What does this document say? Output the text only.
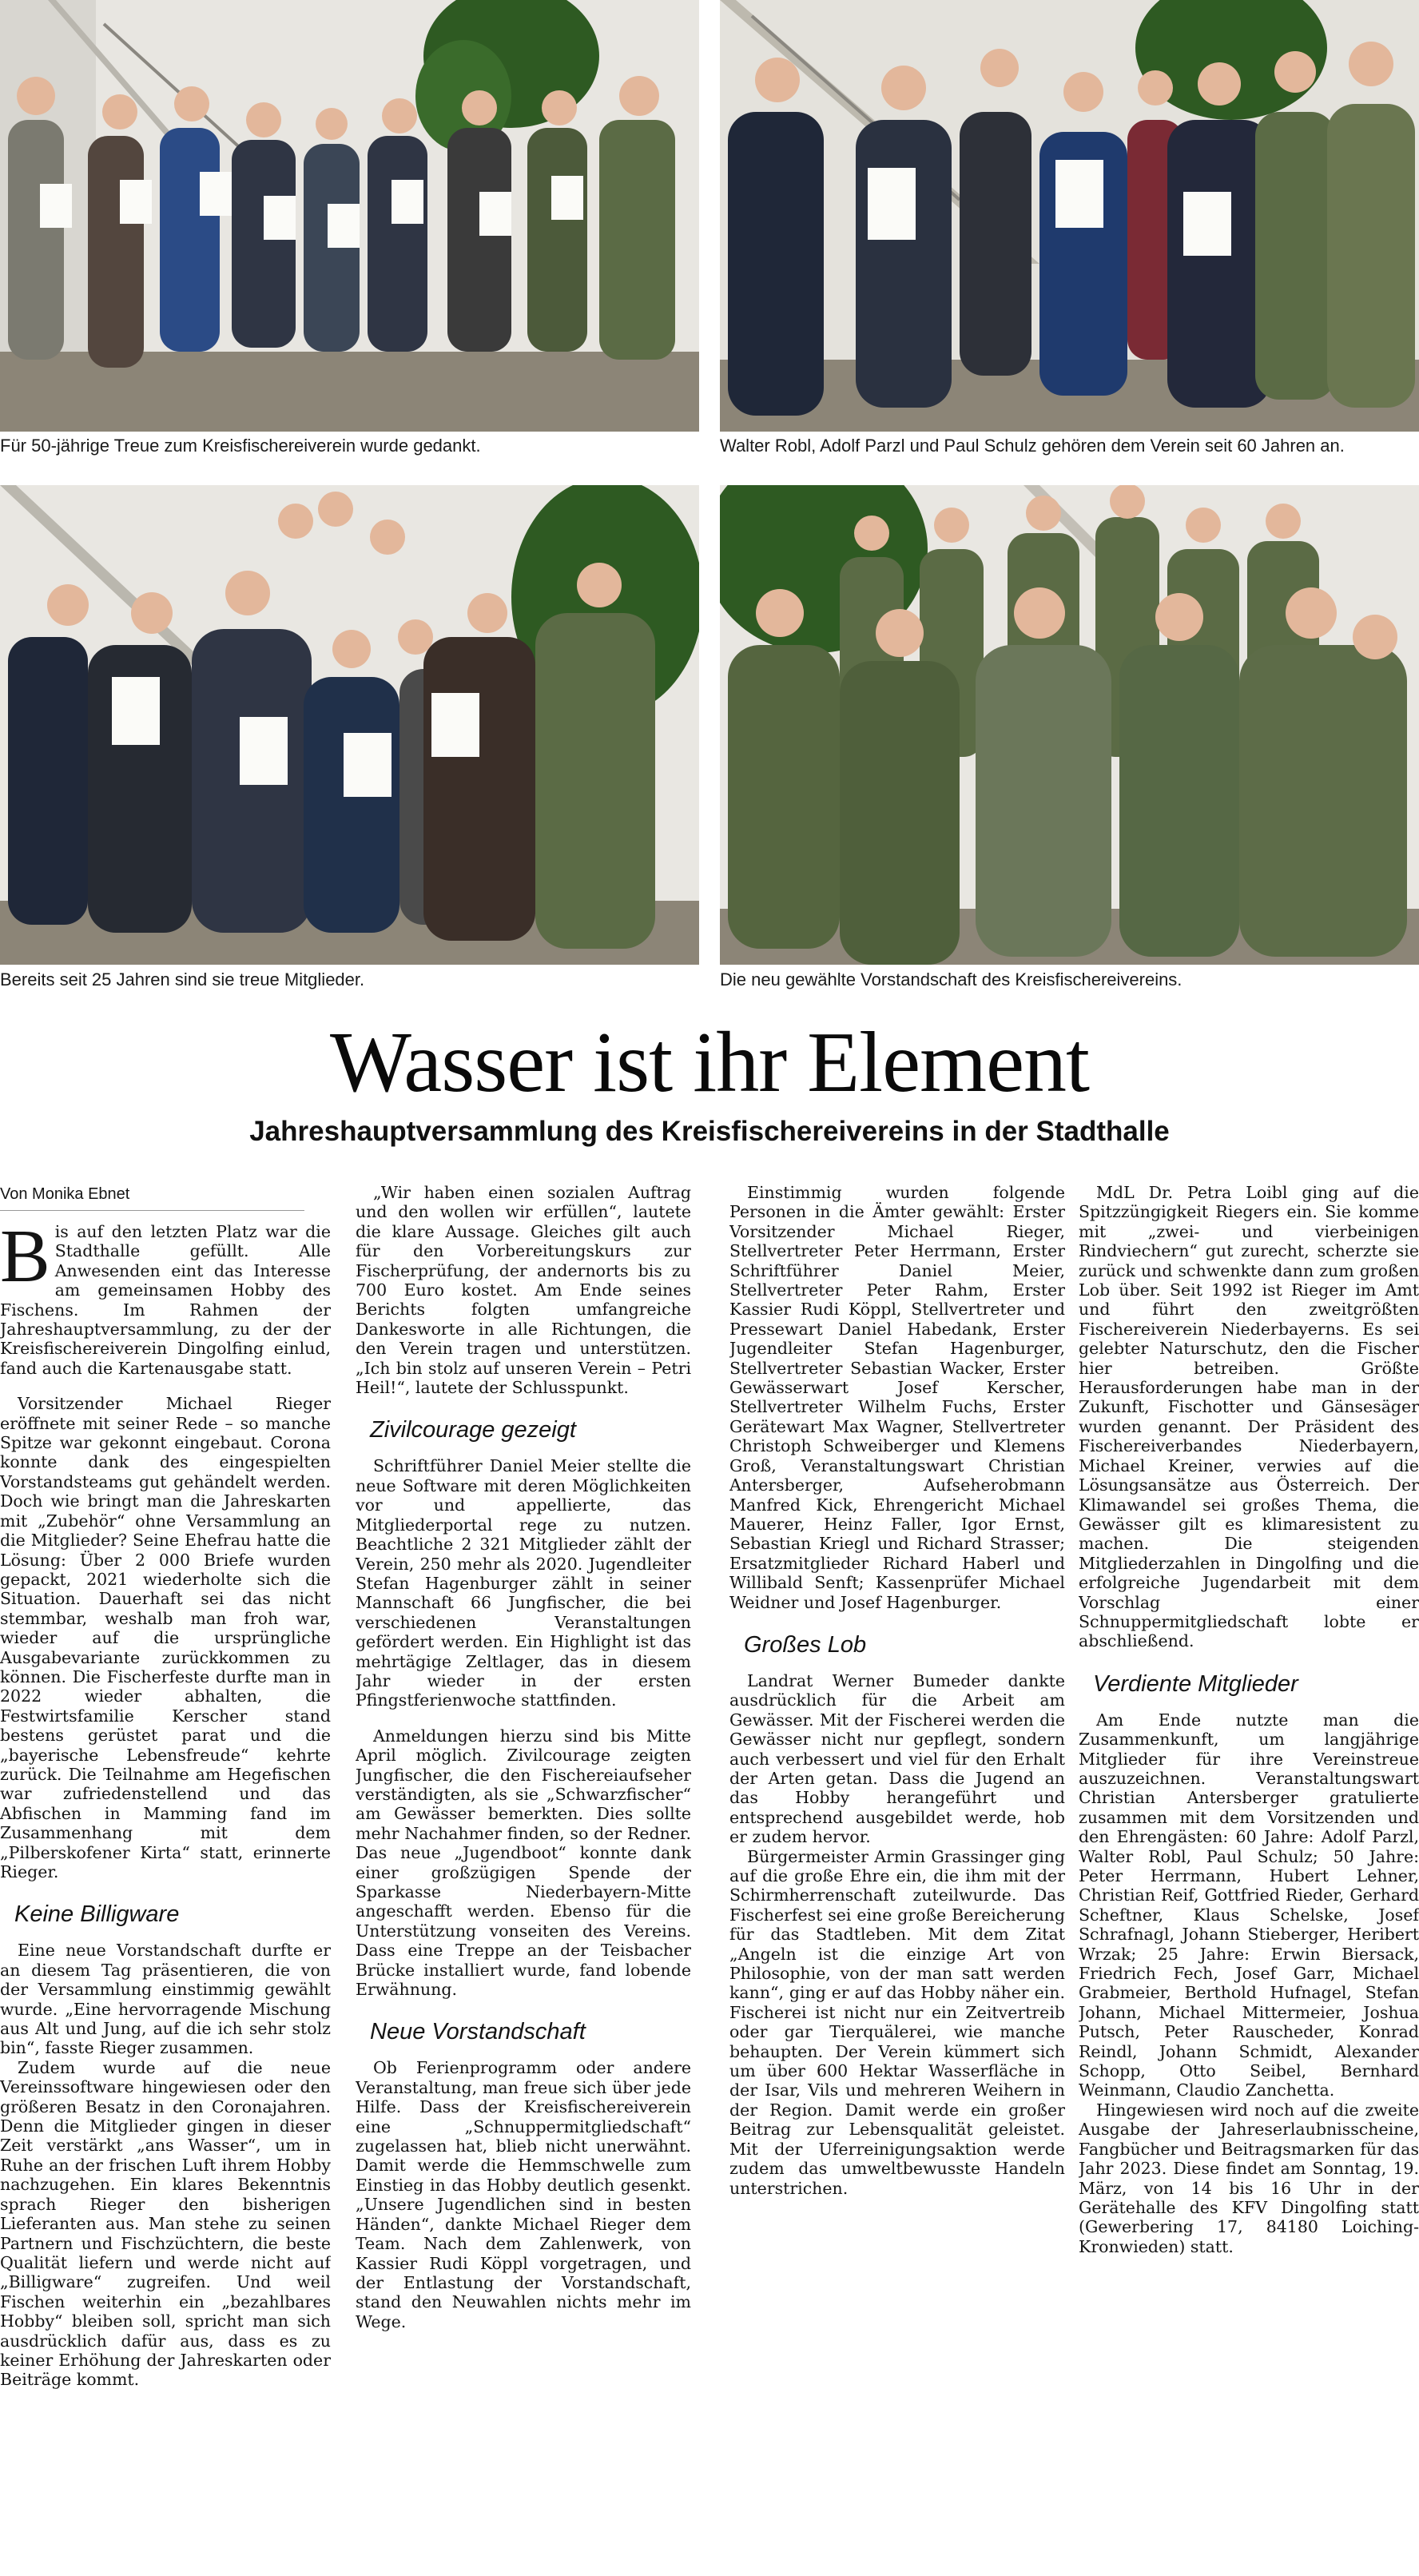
Für 50-jährige Treue zum Kreisfischereiverein wurde gedankt.	Walter Robl, Adolf Parzl und Paul Schulz gehören dem Verein seit 60 Jahren an.
Bereits seit 25 Jahren sind sie treue Mitglieder.	Die neu gewählte Vorstandschaft des Kreisfischereivereins.
Wasser ist ihr Element
Jahreshauptversammlung des Kreisfischereivereins in der Stadthalle
Von Monika Ebnet

Bis auf den letzten Platz war die Stadthalle gefüllt. Alle Anwesenden eint das Interesse am gemeinsamen Hobby des Fischens. Im Rahmen der Jahreshauptversammlung, zu der der Kreisfischereiverein Dingolfing einlud, fand auch die Kartenausgabe statt.

Vorsitzender Michael Rieger eröffnete mit seiner Rede – so manche Spitze war gekonnt eingebaut. Corona konnte dank des eingespielten Vorstandsteams gut gehändelt werden. Doch wie bringt man die Jahreskarten mit „Zubehör“ ohne Versammlung an die Mitglieder? Seine Ehefrau hatte die Lösung: Über 2 000 Briefe wurden gepackt, 2021 wiederholte sich die Situation. Dauerhaft sei das nicht stemmbar, weshalb man froh war, wieder auf die ursprüngliche Ausgabevariante zurückkommen zu können. Die Fischerfeste durfte man in 2022 wieder abhalten, die Festwirtsfamilie Kerscher stand bestens gerüstet parat und die „bayerische Lebensfreude“ kehrte zurück. Die Teilnahme am Hegefischen war zufriedenstellend und das Abfischen in Mamming fand im Zusammenhang mit dem „Pilberskofener Kirta“ statt, erinnerte Rieger.

Keine Billigware

Eine neue Vorstandschaft durfte er an diesem Tag präsentieren, die von der Versammlung einstimmig gewählt wurde. „Eine hervorragende Mischung aus Alt und Jung, auf die ich sehr stolz bin“, fasste Rieger zusammen.

Zudem wurde auf die neue Vereinssoftware hingewiesen oder den größeren Besatz in den Coronajahren. Denn die Mitglieder gingen in dieser Zeit verstärkt „ans Wasser“, um in Ruhe an der frischen Luft ihrem Hobby nachzugehen. Ein klares Bekenntnis sprach Rieger den bisherigen Lieferanten aus. Man stehe zu seinen Partnern und Fischzüchtern, die beste Qualität liefern und werde nicht auf „Billigware“ zugreifen. Und weil Fischen weiterhin ein „bezahlbares Hobby“ bleiben soll, spricht man sich ausdrücklich dafür aus, dass es zu keiner Erhöhung der Jahreskarten oder Beiträge kommt.

„Wir haben einen sozialen Auftrag und den wollen wir erfüllen“, lautete die klare Aussage. Gleiches gilt auch für den Vorbereitungskurs zur Fischerprüfung, der andernorts bis zu 700 Euro kostet. Am Ende seines Berichts folgten umfangreiche Dankesworte in alle Richtungen, die den Verein tragen und unterstützen. „Ich bin stolz auf unseren Verein – Petri Heil!“, lautete der Schlusspunkt.

Zivilcourage gezeigt

Schriftführer Daniel Meier stellte die neue Software mit deren Möglichkeiten vor und appellierte, das Mitgliederportal rege zu nutzen. Beachtliche 2 321 Mitglieder zählt der Verein, 250 mehr als 2020. Jugendleiter Stefan Hagenburger zählt in seiner Mannschaft 66 Jungfischer, die bei verschiedenen Veranstaltungen gefördert werden. Ein Highlight ist das mehrtägige Zeltlager, das in diesem Jahr wieder in der ersten Pfingstferienwoche stattfinden.

Anmeldungen hierzu sind bis Mitte April möglich. Zivilcourage zeigten Jungfischer, die den Fischereiaufseher verständigten, als sie „Schwarzfischer“ am Gewässer bemerkten. Dies sollte mehr Nachahmer finden, so der Redner. Das neue „Jugendboot“ konnte dank einer großzügigen Spende der Sparkasse Niederbayern-Mitte angeschafft werden. Ebenso für die Unterstützung vonseiten des Vereins. Dass eine Treppe an der Teisbacher Brücke installiert wurde, fand lobende Erwähnung.

Neue Vorstandschaft

Ob Ferienprogramm oder andere Veranstaltung, man freue sich über jede Hilfe. Dass der Kreisfischereiverein eine „Schnuppermitgliedschaft“ zugelassen hat, blieb nicht unerwähnt. Damit werde die Hemmschwelle zum Einstieg in das Hobby deutlich gesenkt. „Unsere Jugendlichen sind in besten Händen“, dankte Michael Rieger dem Team. Nach dem Zahlenwerk, von Kassier Rudi Köppl vorgetragen, und der Entlastung der Vorstandschaft, stand den Neuwahlen nichts mehr im Wege.

Einstimmig wurden folgende Personen in die Ämter gewählt: Erster Vorsitzender Michael Rieger, Stellvertreter Peter Herrmann, Erster Schriftführer Daniel Meier, Stellvertreter Peter Rahm, Erster Kassier Rudi Köppl, Stellvertreter und Pressewart Daniel Habedank, Erster Jugendleiter Stefan Hagenburger, Stellvertreter Sebastian Wacker, Erster Gewässerwart Josef Kerscher, Stellvertreter Wilhelm Fuchs, Erster Gerätewart Max Wagner, Stellvertreter Christoph Schweiberger und Klemens Groß, Veranstaltungswart Christian Antersberger, Aufseherobmann Manfred Kick, Ehrengericht Michael Mauerer, Heinz Faller, Igor Ernst, Sebastian Kriegl und Richard Strasser; Ersatzmitglieder Richard Haberl und Willibald Senft; Kassenprüfer Michael Weidner und Josef Hagenburger.

Großes Lob

Landrat Werner Bumeder dankte ausdrücklich für die Arbeit am Gewässer. Mit der Fischerei werden die Gewässer nicht nur gepflegt, sondern auch verbessert und viel für den Erhalt der Arten getan. Dass die Jugend an das Hobby herangeführt und entsprechend ausgebildet werde, hob er zudem hervor.

Bürgermeister Armin Grassinger ging auf die große Ehre ein, die ihm mit der Schirmherrenschaft zuteilwurde. Das Fischerfest sei eine große Bereicherung für das Stadtleben. Mit dem Zitat „Angeln ist die einzige Art von Philosophie, von der man satt werden kann“, ging er auf das Hobby näher ein. Fischerei ist nicht nur ein Zeitvertreib oder gar Tierquälerei, wie manche behaupten. Der Verein kümmert sich um über 600 Hektar Wasserfläche in der Isar, Vils und mehreren Weihern in der Region. Damit werde ein großer Beitrag zur Lebensqualität geleistet. Mit der Uferreinigungsaktion werde zudem das umweltbewusste Handeln unterstrichen.

MdL Dr. Petra Loibl ging auf die Spitzzüngigkeit Riegers ein. Sie komme mit „zwei- und vierbeinigen Rindviechern“ gut zurecht, scherzte sie zurück und schwenkte dann zum großen Lob über. Seit 1992 ist Rieger im Amt und führt den zweitgrößten Fischereiverein Niederbayerns. Es sei gelebter Naturschutz, den die Fischer hier betreiben. Größte Herausforderungen habe man in der Zukunft, Fischotter und Gänsesäger wurden genannt. Der Präsident des Fischereiverbandes Niederbayern, Michael Kreiner, verwies auf die Lösungsansätze aus Österreich. Der Klimawandel sei großes Thema, die Gewässer gilt es klimaresistent zu machen. Die steigenden Mitgliederzahlen in Dingolfing und die erfolgreiche Jugendarbeit mit dem Vorschlag einer Schnuppermitgliedschaft lobte er abschließend.

Verdiente Mitglieder

Am Ende nutzte man die Zusammenkunft, um langjährige Mitglieder für ihre Vereinstreue auszuzeichnen. Veranstaltungswart Christian Antersberger gratulierte zusammen mit dem Vorsitzenden und den Ehrengästen: 60 Jahre: Adolf Parzl, Walter Robl, Paul Schulz; 50 Jahre: Peter Herrmann, Hubert Lehner, Christian Reif, Gottfried Rieder, Gerhard Scheftner, Klaus Schelske, Josef Schrafnagl, Johann Stieberger, Heribert Wrzak; 25 Jahre: Erwin Biersack, Friedrich Fech, Josef Garr, Michael Grabmeier, Berthold Hufnagel, Stefan Johann, Michael Mittermeier, Joshua Putsch, Peter Rauscheder, Konrad Reindl, Johann Schmidt, Alexander Schopp, Otto Seibel, Bernhard Weinmann, Claudio Zanchetta.

Hingewiesen wird noch auf die zweite Ausgabe der Jahreserlaubnisscheine, Fangbücher und Beitragsmarken für das Jahr 2023. Diese findet am Sonntag, 19. März, von 14 bis 16 Uhr in der Gerätehalle des KFV Dingolfing statt (Gewerbering 17, 84180 Loiching-Kronwieden) statt.
